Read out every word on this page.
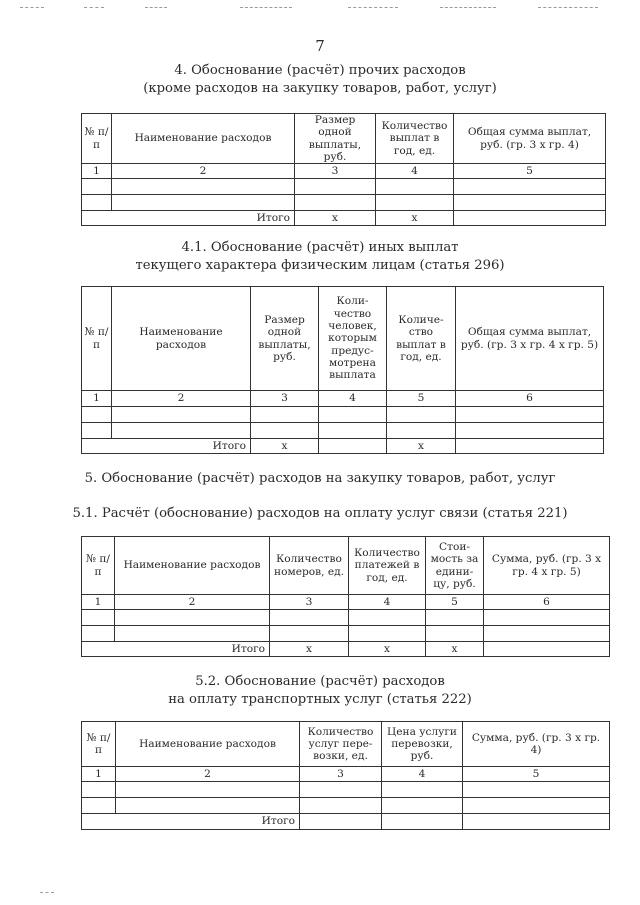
7
4. Обоснование (расчёт) прочих расходов
(кроме расходов на закупку товаров, работ, услуг)
№ п/п	Наименование расходов	Размер одной выплаты, руб.	Количество выплат в год, ед.	Общая сумма выплат, руб. (гр. 3 х гр. 4)
1	2	3	4	5

Итого		х	х	
4.1. Обоснование (расчёт) иных выплат
текущего характера физическим лицам (статья 296)
№ п/п	Наименование расходов	Размер одной выплаты, руб.	Коли-чество человек, которым предус-мотрена выплата	Количе-ство выплат в год, ед.	Общая сумма выплат, руб. (гр. 3 х гр. 4 х гр. 5)
1	2	3	4	5	6

Итого		х		х	
5. Обоснование (расчёт) расходов на закупку товаров, работ, услуг
5.1. Расчёт (обоснование) расходов на оплату услуг связи (статья 221)
№ п/п	Наименование расходов	Количество номеров, ед.	Количество платежей в год, ед.	Стои-мость за едини-цу, руб.	Сумма, руб. (гр. 3 х гр. 4 х гр. 5)
1	2	3	4	5	6

Итого		х	х	х	
5.2. Обоснование (расчёт) расходов
на оплату транспортных услуг (статья 222)
№ п/п	Наименование расходов	Количество услуг пере-возки, ед.	Цена услуги перевозки, руб.	Сумма, руб. (гр. 3 х гр. 4)
1	2	3	4	5

Итого				
